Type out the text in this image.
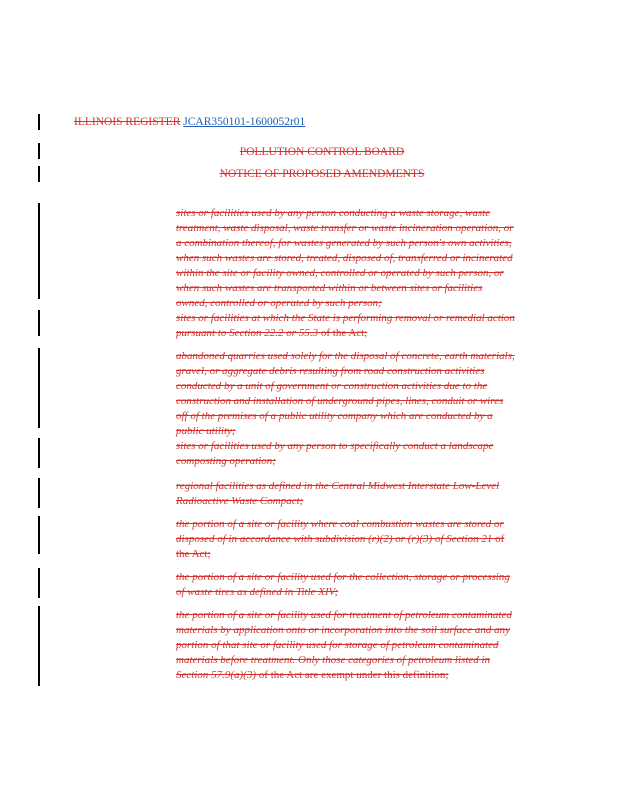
ILLINOIS REGISTER JCAR350101-1600052r01
POLLUTION CONTROL BOARD
NOTICE OF PROPOSED AMENDMENTS
sites or facilities used by any person conducting a waste storage, waste treatment, waste disposal, waste transfer or waste incineration operation, or a combination thereof, for wastes generated by such person's own activities, when such wastes are stored, treated, disposed of, transferred or incinerated within the site or facility owned, controlled or operated by such person, or when such wastes are transported within or between sites or facilities owned, controlled or operated by such person;
sites or facilities at which the State is performing removal or remedial action pursuant to Section 22.2 or 55.3 of the Act;
abandoned quarries used solely for the disposal of concrete, earth materials, gravel, or aggregate debris resulting from road construction activities conducted by a unit of government or construction activities due to the construction and installation of underground pipes, lines, conduit or wires off of the premises of a public utility company which are conducted by a public utility;
sites or facilities used by any person to specifically conduct a landscape composting operation;
regional facilities as defined in the Central Midwest Interstate Low-Level Radioactive Waste Compact;
the portion of a site or facility where coal combustion wastes are stored or disposed of in accordance with subdivision (r)(2) or (r)(3) of Section 21 of the Act;
the portion of a site or facility used for the collection, storage or processing of waste tires as defined in Title XIV;
the portion of a site or facility used for treatment of petroleum contaminated materials by application onto or incorporation into the soil surface and any portion of that site or facility used for storage of petroleum contaminated materials before treatment. Only those categories of petroleum listed in Section 57.9(a)(3) of the Act are exempt under this definition;
